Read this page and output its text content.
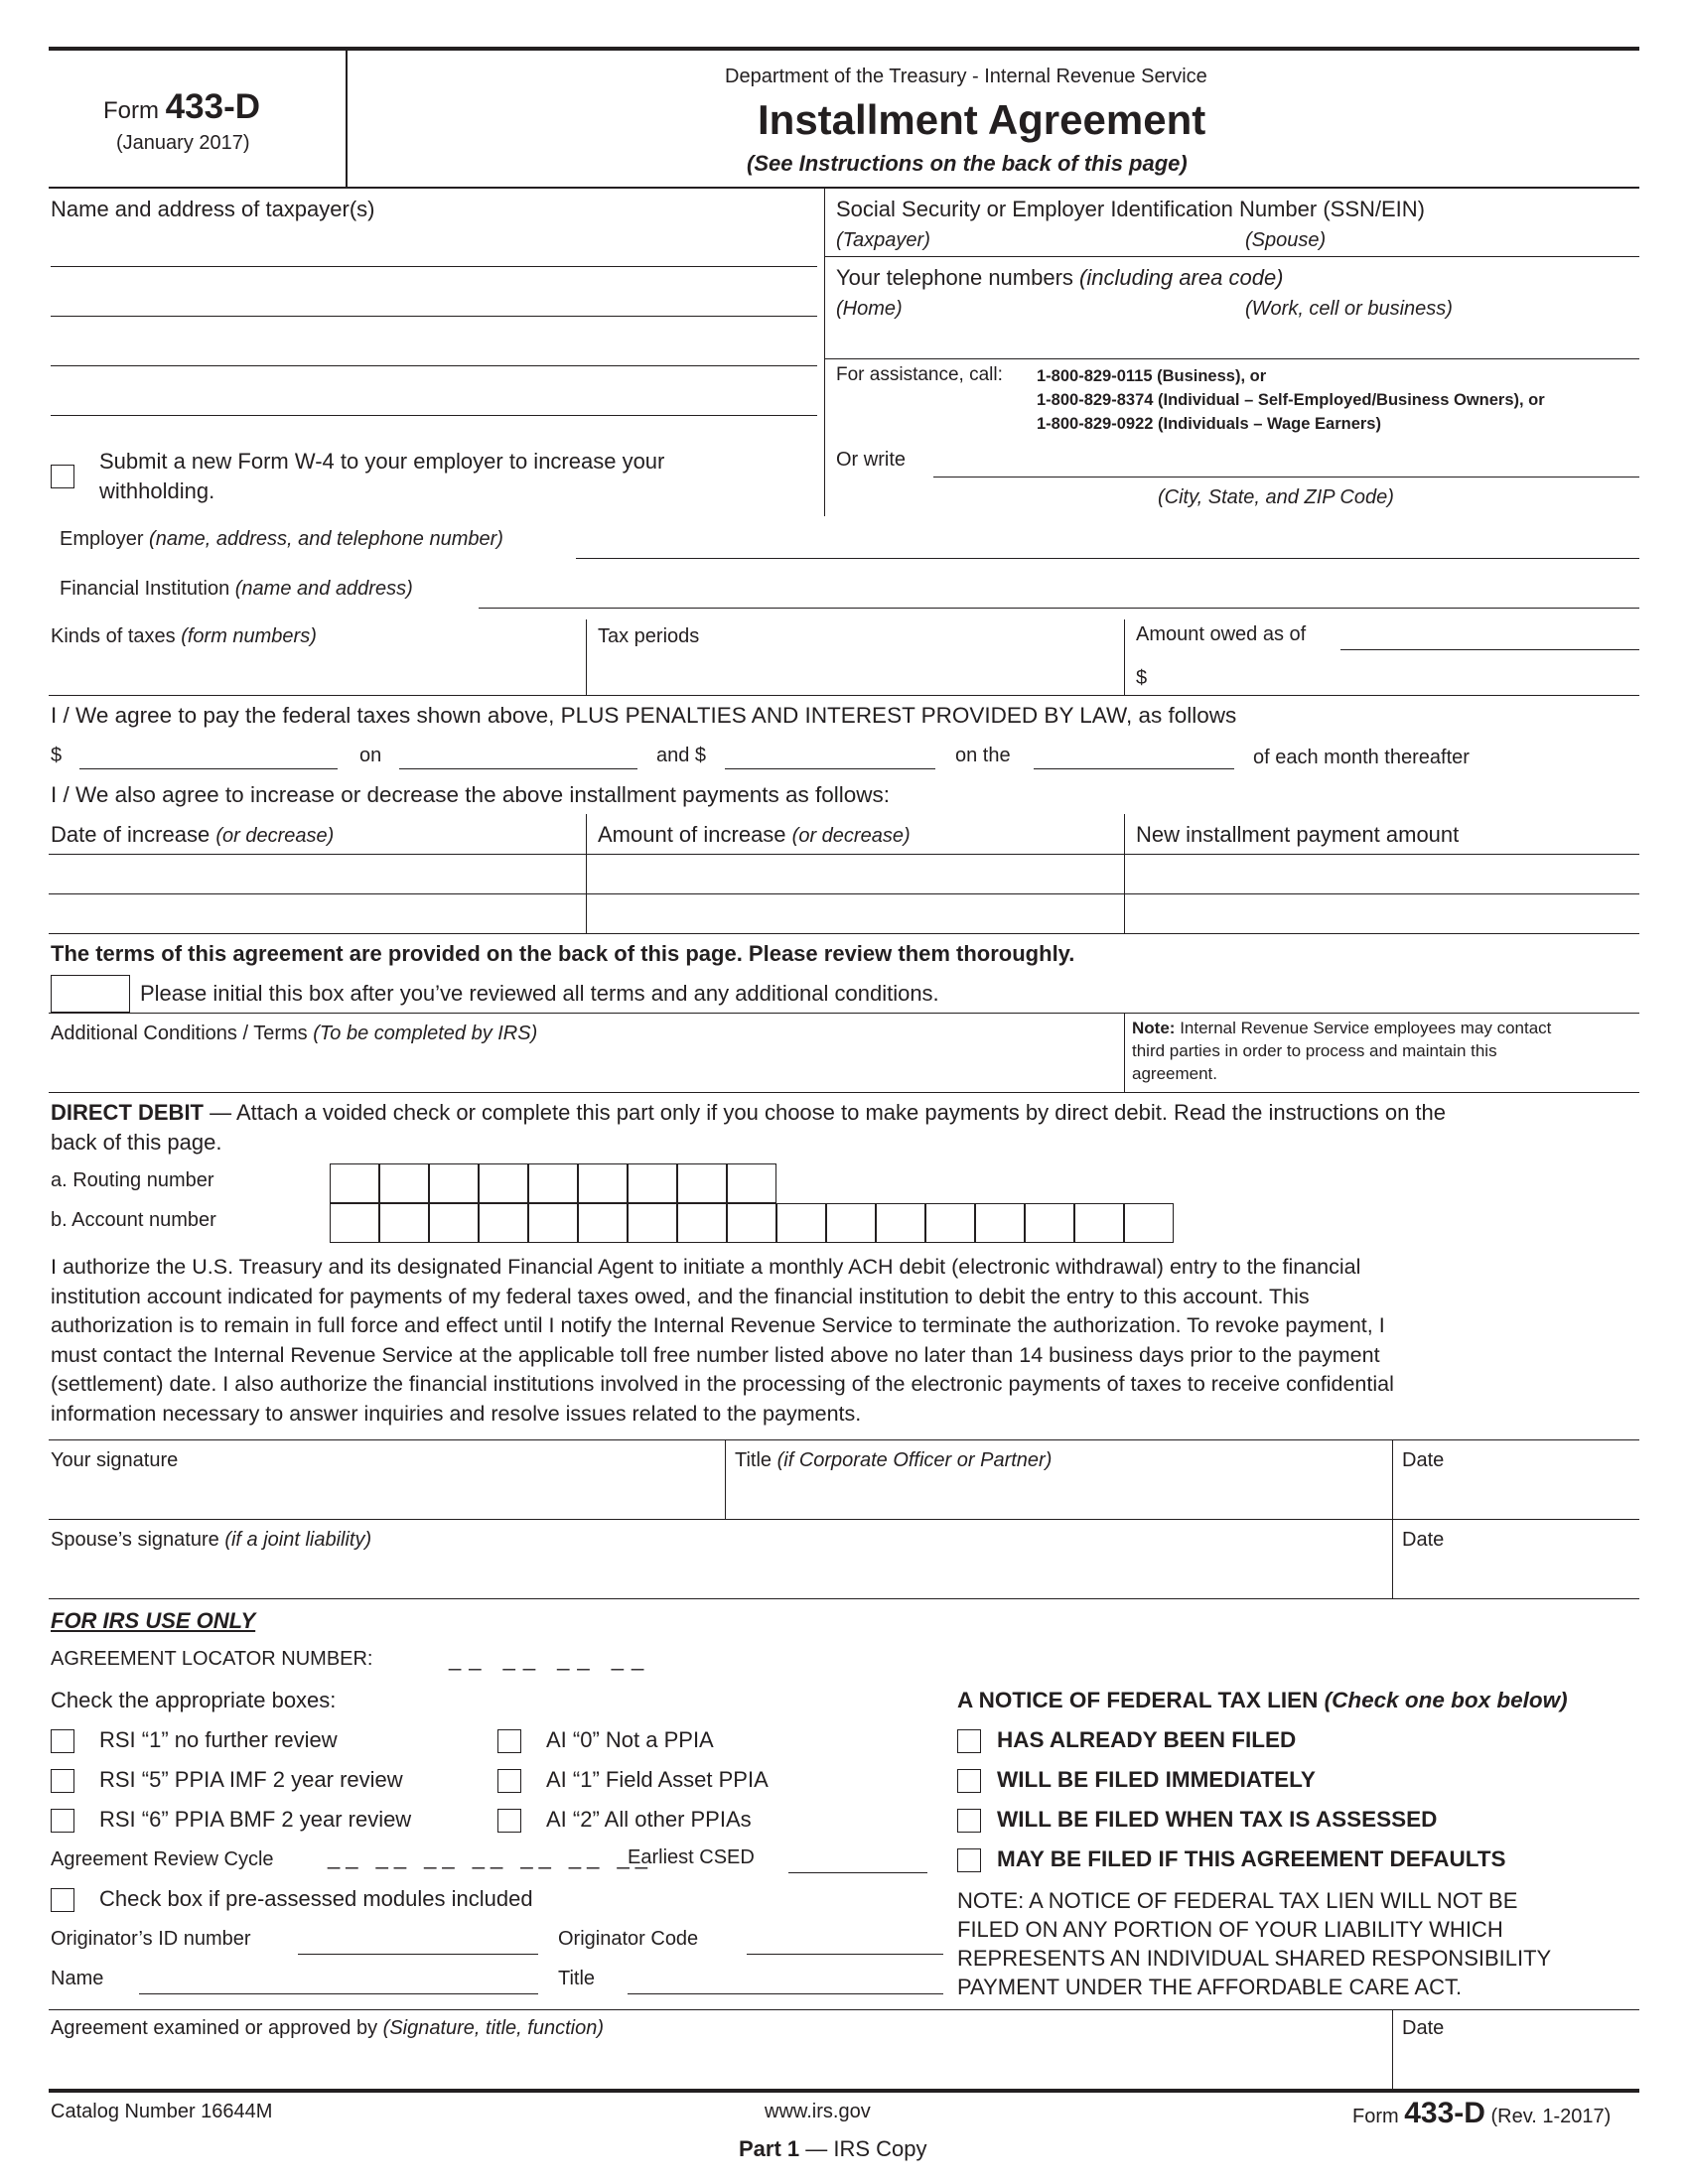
Form 433-D
(January 2017)
Department of the Treasury - Internal Revenue Service
Installment Agreement
(See Instructions on the back of this page)
Name and address of taxpayer(s)
Submit a new Form W-4 to your employer to increase your
withholding.
Social Security or Employer Identification Number (SSN/EIN)
(Taxpayer)	(Spouse)
Your telephone numbers (including area code)
(Home)	(Work, cell or business)
For assistance, call: 1-800-829-0115 (Business), or
1-800-829-8374 (Individual – Self-Employed/Business Owners), or
1-800-829-0922 (Individuals – Wage Earners)
Or write
(City, State, and ZIP Code)
Employer (name, address, and telephone number)
Financial Institution (name and address)
Kinds of taxes (form numbers)	Tax periods	Amount owed as of
$
I / We agree to pay the federal taxes shown above, PLUS PENALTIES AND INTEREST PROVIDED BY LAW, as follows
$	on	and $	on the	of each month thereafter
I / We also agree to increase or decrease the above installment payments as follows:
Date of increase (or decrease)	Amount of increase (or decrease)	New installment payment amount
The terms of this agreement are provided on the back of this page. Please review them thoroughly.
Please initial this box after you’ve reviewed all terms and any additional conditions.
Additional Conditions / Terms (To be completed by IRS)	Note: Internal Revenue Service employees may contact
third parties in order to process and maintain this
agreement.
DIRECT DEBIT — Attach a voided check or complete this part only if you choose to make payments by direct debit. Read the instructions on the
back of this page.
a. Routing number
b. Account number
I authorize the U.S. Treasury and its designated Financial Agent to initiate a monthly ACH debit (electronic withdrawal) entry to the financial
institution account indicated for payments of my federal taxes owed, and the financial institution to debit the entry to this account. This
authorization is to remain in full force and effect until I notify the Internal Revenue Service to terminate the authorization. To revoke payment, I
must contact the Internal Revenue Service at the applicable toll free number listed above no later than 14 business days prior to the payment
(settlement) date. I also authorize the financial institutions involved in the processing of the electronic payments of taxes to receive confidential
information necessary to answer inquiries and resolve issues related to the payments.
Your signature	Title (if Corporate Officer or Partner)	Date
Spouse’s signature (if a joint liability)	Date
FOR IRS USE ONLY
AGREEMENT LOCATOR NUMBER:	__ __ __ __
Check the appropriate boxes:
RSI “1” no further review
RSI “5” PPIA IMF 2 year review
RSI “6” PPIA BMF 2 year review
AI “0” Not a PPIA
AI “1” Field Asset PPIA
AI “2” All other PPIAs
Agreement Review Cycle __ __ __ __ __ __ __
Earliest CSED
Check box if pre-assessed modules included
Originator’s ID number	Originator Code
Name	Title
A NOTICE OF FEDERAL TAX LIEN (Check one box below)
HAS ALREADY BEEN FILED
WILL BE FILED IMMEDIATELY
WILL BE FILED WHEN TAX IS ASSESSED
MAY BE FILED IF THIS AGREEMENT DEFAULTS
NOTE: A NOTICE OF FEDERAL TAX LIEN WILL NOT BE
FILED ON ANY PORTION OF YOUR LIABILITY WHICH
REPRESENTS AN INDIVIDUAL SHARED RESPONSIBILITY
PAYMENT UNDER THE AFFORDABLE CARE ACT.
Agreement examined or approved by (Signature, title, function)	Date
Catalog Number 16644M	www.irs.gov	Form 433-D (Rev. 1-2017)
Part 1 — IRS Copy
